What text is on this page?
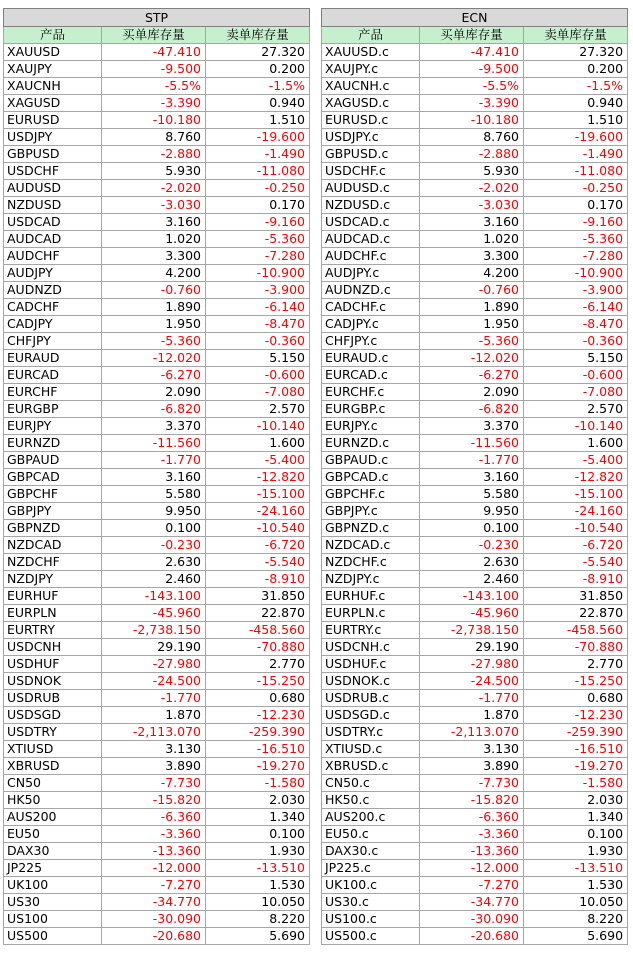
STP		
产品	买单库存量	卖单库存量
XAUUSD	-47.410	27.320
XAUJPY	-9.500	0.200
XAUCNH	-5.5%	-1.5%
XAGUSD	-3.390	0.940
EURUSD	-10.180	1.510
USDJPY	8.760	-19.600
GBPUSD	-2.880	-1.490
USDCHF	5.930	-11.080
AUDUSD	-2.020	-0.250
NZDUSD	-3.030	0.170
USDCAD	3.160	-9.160
AUDCAD	1.020	-5.360
AUDCHF	3.300	-7.280
AUDJPY	4.200	-10.900
AUDNZD	-0.760	-3.900
CADCHF	1.890	-6.140
CADJPY	1.950	-8.470
CHFJPY	-5.360	-0.360
EURAUD	-12.020	5.150
EURCAD	-6.270	-0.600
EURCHF	2.090	-7.080
EURGBP	-6.820	2.570
EURJPY	3.370	-10.140
EURNZD	-11.560	1.600
GBPAUD	-1.770	-5.400
GBPCAD	3.160	-12.820
GBPCHF	5.580	-15.100
GBPJPY	9.950	-24.160
GBPNZD	0.100	-10.540
NZDCAD	-0.230	-6.720
NZDCHF	2.630	-5.540
NZDJPY	2.460	-8.910
EURHUF	-143.100	31.850
EURPLN	-45.960	22.870
EURTRY	-2,738.150	-458.560
USDCNH	29.190	-70.880
USDHUF	-27.980	2.770
USDNOK	-24.500	-15.250
USDRUB	-1.770	0.680
USDSGD	1.870	-12.230
USDTRY	-2,113.070	-259.390
XTIUSD	3.130	-16.510
XBRUSD	3.890	-19.270
CN50	-7.730	-1.580
HK50	-15.820	2.030
AUS200	-6.360	1.340
EU50	-3.360	0.100
DAX30	-13.360	1.930
JP225	-12.000	-13.510
UK100	-7.270	1.530
US30	-34.770	10.050
US100	-30.090	8.220
US500	-20.680	5.690
ECN		
产品	买单库存量	卖单库存量
XAUUSD.c	-47.410	27.320
XAUJPY.c	-9.500	0.200
XAUCNH.c	-5.5%	-1.5%
XAGUSD.c	-3.390	0.940
EURUSD.c	-10.180	1.510
USDJPY.c	8.760	-19.600
GBPUSD.c	-2.880	-1.490
USDCHF.c	5.930	-11.080
AUDUSD.c	-2.020	-0.250
NZDUSD.c	-3.030	0.170
USDCAD.c	3.160	-9.160
AUDCAD.c	1.020	-5.360
AUDCHF.c	3.300	-7.280
AUDJPY.c	4.200	-10.900
AUDNZD.c	-0.760	-3.900
CADCHF.c	1.890	-6.140
CADJPY.c	1.950	-8.470
CHFJPY.c	-5.360	-0.360
EURAUD.c	-12.020	5.150
EURCAD.c	-6.270	-0.600
EURCHF.c	2.090	-7.080
EURGBP.c	-6.820	2.570
EURJPY.c	3.370	-10.140
EURNZD.c	-11.560	1.600
GBPAUD.c	-1.770	-5.400
GBPCAD.c	3.160	-12.820
GBPCHF.c	5.580	-15.100
GBPJPY.c	9.950	-24.160
GBPNZD.c	0.100	-10.540
NZDCAD.c	-0.230	-6.720
NZDCHF.c	2.630	-5.540
NZDJPY.c	2.460	-8.910
EURHUF.c	-143.100	31.850
EURPLN.c	-45.960	22.870
EURTRY.c	-2,738.150	-458.560
USDCNH.c	29.190	-70.880
USDHUF.c	-27.980	2.770
USDNOK.c	-24.500	-15.250
USDRUB.c	-1.770	0.680
USDSGD.c	1.870	-12.230
USDTRY.c	-2,113.070	-259.390
XTIUSD.c	3.130	-16.510
XBRUSD.c	3.890	-19.270
CN50.c	-7.730	-1.580
HK50.c	-15.820	2.030
AUS200.c	-6.360	1.340
EU50.c	-3.360	0.100
DAX30.c	-13.360	1.930
JP225.c	-12.000	-13.510
UK100.c	-7.270	1.530
US30.c	-34.770	10.050
US100.c	-30.090	8.220
US500.c	-20.680	5.690
